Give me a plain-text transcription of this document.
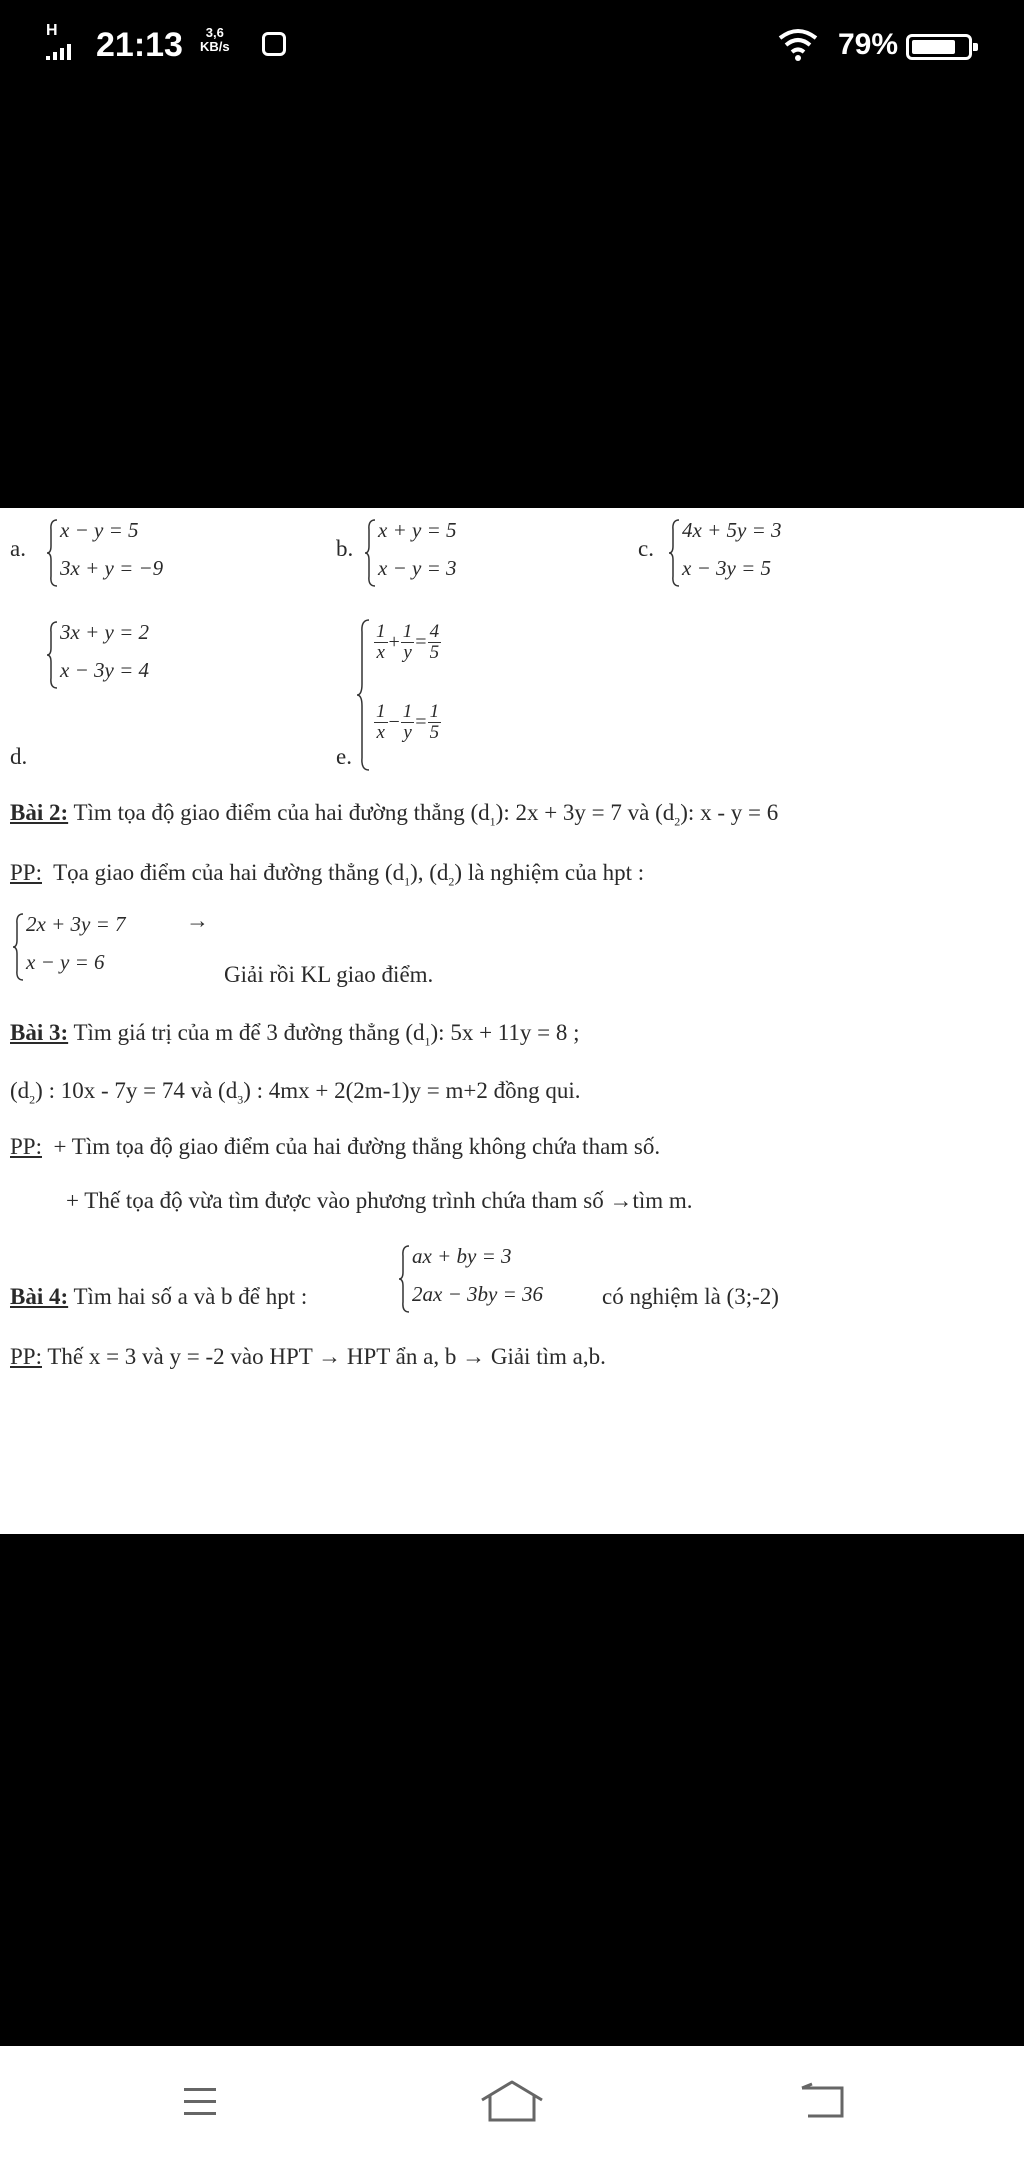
H 21:13	3,6
KB/s	79%
a.
x − y = 5
3x + y = −9
b.
x + y = 5
x − y = 3
c.
4x + 5y = 3
x − 3y = 5
3x + y = 2
x − 3y = 4
d.	e.
$\frac{1}{x} + \frac{1}{y} = \frac{4}{5}$
$\frac{1}{x} - \frac{1}{y} = \frac{1}{5}$
Bài 2: Tìm tọa độ giao điểm của hai đường thẳng $(d_1)$: 2x + 3y = 7 và $(d_2)$: x - y = 6
PP: Tọa giao điểm của hai đường thẳng $(d_1)$, $(d_2)$ là nghiệm của hpt :
2x + 3y = 7
x − y = 6
→
Giải rồi KL giao điểm.
Bài 3: Tìm giá trị của m để 3 đường thẳng $(d_1)$: 5x + 11y = 8 ;
$(d_2)$ : 10x - 7y = 74 và $(d_3)$ : 4mx + 2(2m-1)y = m+2 đồng qui.
PP: + Tìm tọa độ giao điểm của hai đường thẳng không chứa tham số.
+ Thế tọa độ vừa tìm được vào phương trình chứa tham số →tìm m.
Bài 4: Tìm hai số a và b để hpt :
ax + by = 3
2ax − 3by = 36	có nghiệm là (3;-2)
PP: Thế x = 3 và y = -2 vào HPT → HPT ẩn a, b → Giải tìm a,b.
